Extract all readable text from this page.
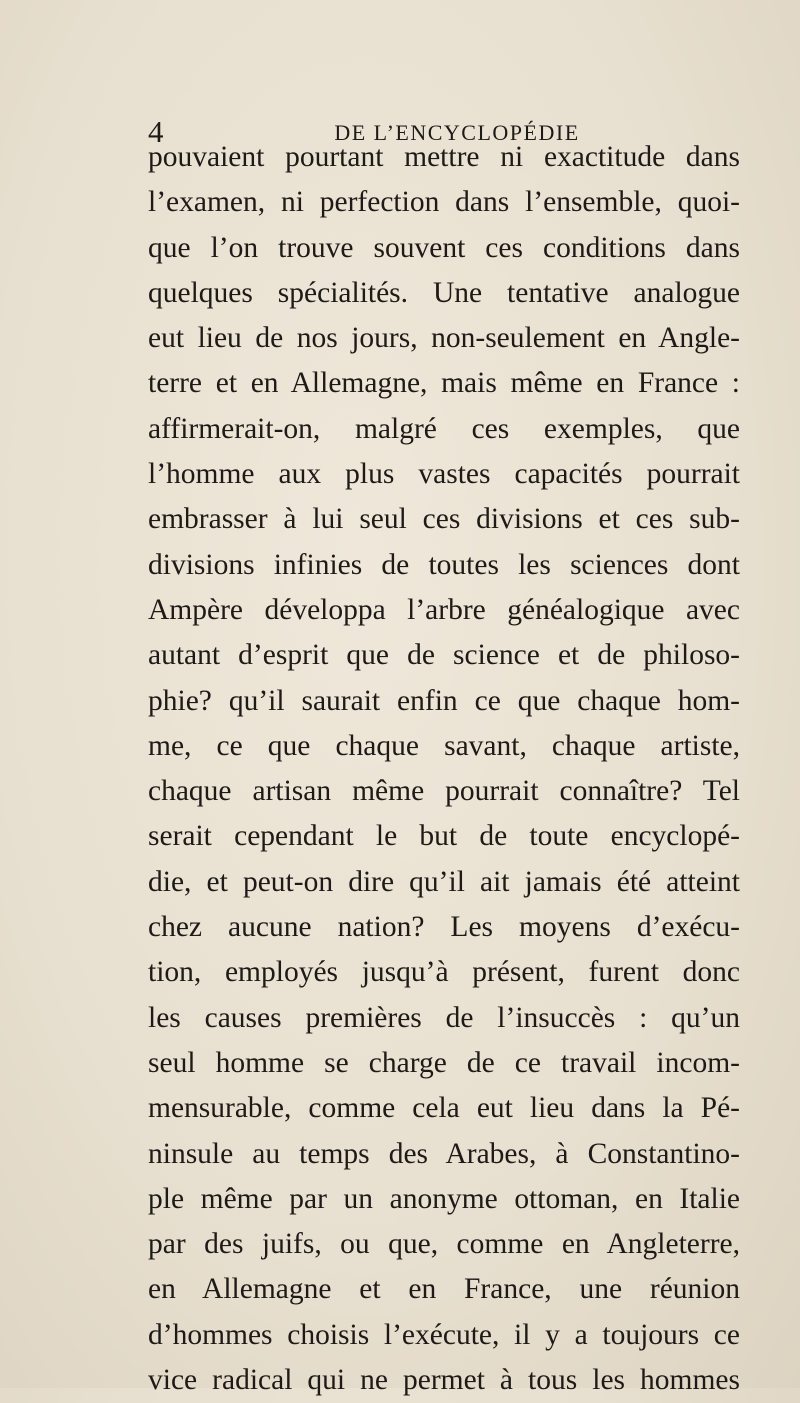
4	DE L’ENCYCLOPÉDIE
pouvaient pourtant mettre ni exactitude dans
l’examen, ni perfection dans l’ensemble, quoi-
que l’on trouve souvent ces conditions dans
quelques spécialités. Une tentative analogue
eut lieu de nos jours, non-seulement en Angle-
terre et en Allemagne, mais même en France :
affirmerait-on, malgré ces exemples, que
l’homme aux plus vastes capacités pourrait
embrasser à lui seul ces divisions et ces sub-
divisions infinies de toutes les sciences dont
Ampère développa l’arbre généalogique avec
autant d’esprit que de science et de philoso-
phie? qu’il saurait enfin ce que chaque hom-
me, ce que chaque savant, chaque artiste,
chaque artisan même pourrait connaître? Tel
serait cependant le but de toute encyclopé-
die, et peut-on dire qu’il ait jamais été atteint
chez aucune nation? Les moyens d’exécu-
tion, employés jusqu’à présent, furent donc
les causes premières de l’insuccès : qu’un
seul homme se charge de ce travail incom-
mensurable, comme cela eut lieu dans la Pé-
ninsule au temps des Arabes, à Constantino-
ple même par un anonyme ottoman, en Italie
par des juifs, ou que, comme en Angleterre,
en Allemagne et en France, une réunion
d’hommes choisis l’exécute, il y a toujours ce
vice radical qui ne permet à tous les hommes
